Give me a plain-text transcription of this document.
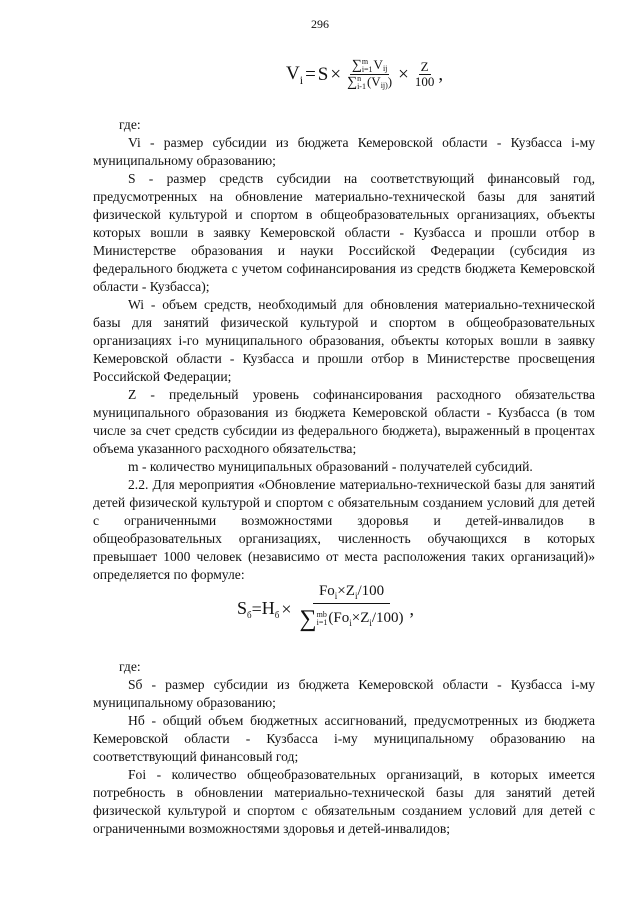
296
$V_i = S$ × ∑ m
i=1 Vij
∑ n
i-1 $(Vij)) \times \frac{Z}{100}$ ,

где:

Vi - размер субсидии из бюджета Кемеровской области - Кузбасса i-му муниципальному образованию;

S - размер средств субсидии на соответствующий финансовый год, предусмотренных на обновление материально-технической базы для занятий физической культурой и спортом в общеобразовательных организациях, объекты которых вошли в заявку Кемеровской области - Кузбасса и прошли отбор в Министерстве образования и науки Российской Федерации (субсидия из федерального бюджета с учетом софинансирования из средств бюджета Кемеровской области - Кузбасса);

Wi - объем средств, необходимый для обновления материально-технической базы для занятий физической культурой и спортом в общеобразовательных организациях i-го муниципального образования, объекты которых вошли в заявку Кемеровской области - Кузбасса и прошли отбор в Министерстве просвещения Российской Федерации;

Z - предельный уровень софинансирования расходного обязательства муниципального образования из бюджета Кемеровской области - Кузбасса (в том числе за счет средств субсидии из федерального бюджета), выраженный в процентах объема указанного расходного обязательства;

m - количество муниципальных образований - получателей субсидий.

2.2. Для мероприятия «Обновление материально-технической базы для занятий детей физической культурой и спортом с обязательным созданием условий для детей с ограниченными возможностями здоровья и детей-инвалидов в общеобразовательных организациях, численность обучающихся в которых превышает 1000 человек (независимо от места расположения таких организаций)» определяется по формуле:

$S_б = H_б \times Fo_i\times Z_i/100$
∑ mb
i=1 $(Fo_i\times Z_i/100)$ ,

где:

Sб - размер субсидии из бюджета Кемеровской области - Кузбасса i-му муниципальному образованию;

Hб - общий объем бюджетных ассигнований, предусмотренных из бюджета Кемеровской области - Кузбасса i-му муниципальному образованию на соответствующий финансовый год;

Foi - количество общеобразовательных организаций, в которых имеется потребность в обновлении материально-технической базы для занятий детей физической культурой и спортом с обязательным созданием условий для детей с ограниченными возможностями здоровья и детей-инвалидов;
